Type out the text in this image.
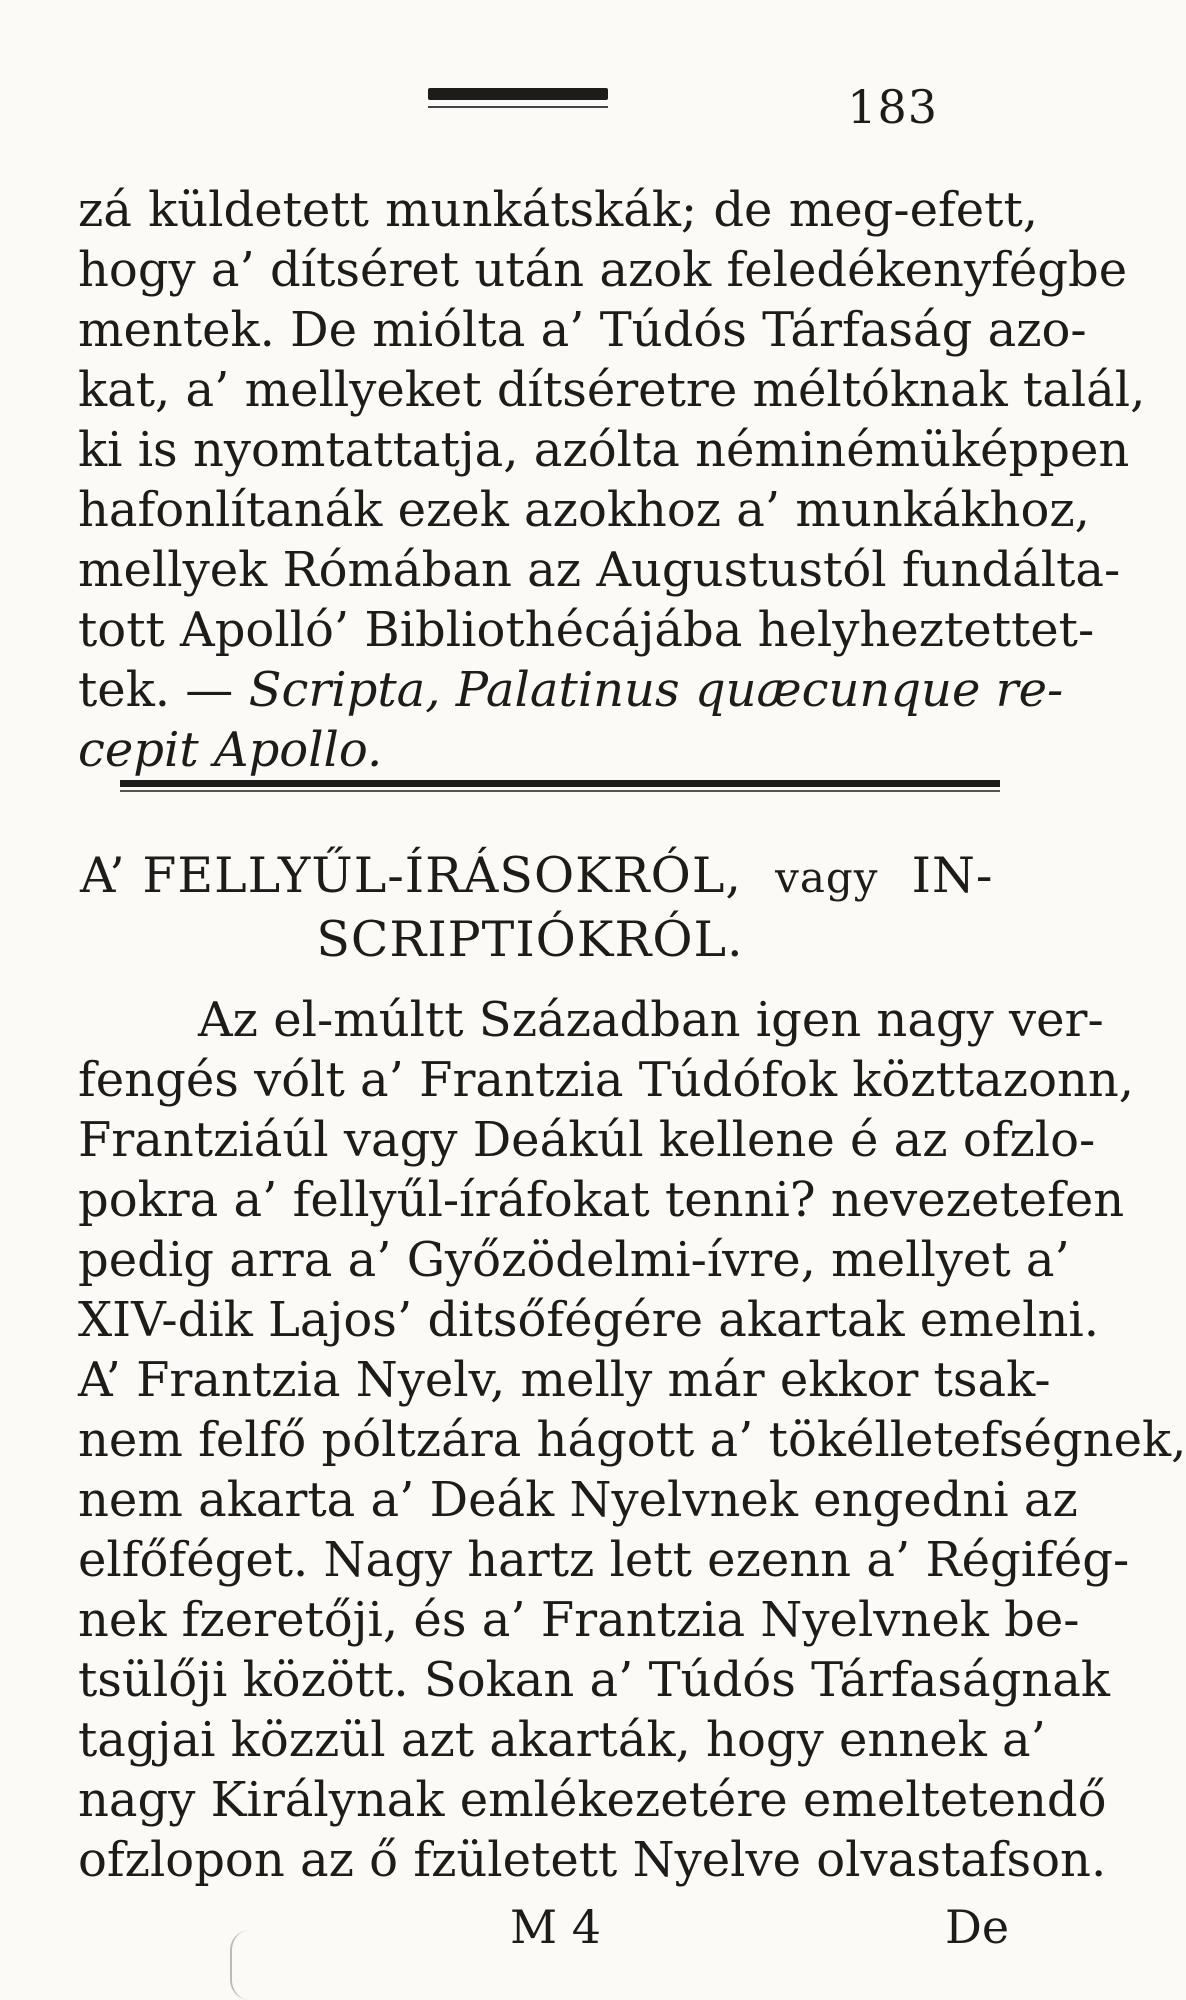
183
zá küldetett munkátskák; de meg-efett,
hogy a’ dítséret után azok feledékenyfégbe
mentek. De miólta a’ Túdós Tárfaság azo-
kat, a’ mellyeket dítséretre méltóknak talál,
ki is nyomtattatja, azólta néminémüképpen
hafonlítanák ezek azokhoz a’ munkákhoz,
mellyek Rómában az Augustustól fundálta-
tott Apolló’ Bibliothécájába helyheztettet-
tek. — Scripta, Palatinus quæcunque re-
cepit Apollo.
A’ FELLYŰL-ÍRÁSOKRÓL, vagy IN-
SCRIPTIÓKRÓL.
Az el-múltt Században igen nagy ver-
fengés vólt a’ Frantzia Túdófok közttazonn,
Frantziáúl vagy Deákúl kellene é az ofzlo-
pokra a’ fellyűl-íráfokat tenni? nevezetefen
pedig arra a’ Győzödelmi-ívre, mellyet a’
XIV-dik Lajos’ ditsőfégére akartak emelni.
A’ Frantzia Nyelv, melly már ekkor tsak-
nem felfő póltzára hágott a’ tökélletefségnek,
nem akarta a’ Deák Nyelvnek engedni az
elfőféget. Nagy hartz lett ezenn a’ Régifég-
nek fzeretőji, és a’ Frantzia Nyelvnek be-
tsülőji között. Sokan a’ Túdós Tárfaságnak
tagjai közzül azt akarták, hogy ennek a’
nagy Királynak emlékezetére emeltetendő
ofzlopon az ő fzületett Nyelve olvastafson.
M 4	De
